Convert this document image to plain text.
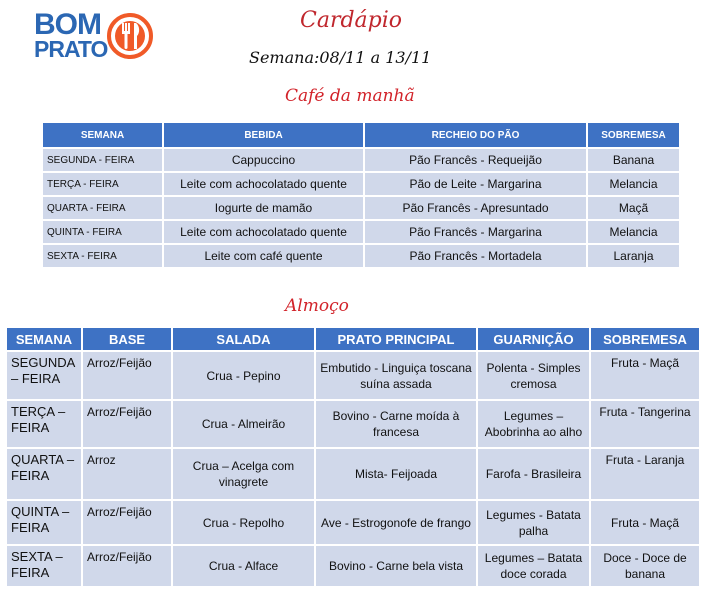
BOM
PRATO
Cardápio
Semana:08/11 a 13/11
Café da manhã
SEMANA	BEBIDA	RECHEIO DO PÃO	SOBREMESA
SEGUNDA - FEIRA	Cappuccino	Pão Francês - Requeijão	Banana
TERÇA - FEIRA	Leite com achocolatado quente	Pão de Leite - Margarina	Melancia
QUARTA - FEIRA	Iogurte de mamão	Pão Francês - Apresuntado	Maçã
QUINTA - FEIRA	Leite com achocolatado quente	Pão Francês - Margarina	Melancia
SEXTA - FEIRA	Leite com café quente	Pão Francês - Mortadela	Laranja
Almoço
SEMANA	BASE	SALADA	PRATO PRINCIPAL	GUARNIÇÃO	SOBREMESA
SEGUNDA – FEIRA	Arroz/Feijão	Crua - Pepino	Embutido - Linguiça toscana suína assada	Polenta - Simples cremosa	Fruta - Maçã
TERÇA – FEIRA	Arroz/Feijão	Crua - Almeirão	Bovino - Carne moída à francesa	Legumes – Abobrinha ao alho	Fruta - Tangerina
QUARTA – FEIRA	Arroz	Crua – Acelga com vinagrete	Mista- Feijoada	Farofa - Brasileira	Fruta - Laranja
QUINTA – FEIRA	Arroz/Feijão	Crua - Repolho	Ave - Estrogonofe de frango	Legumes - Batata palha	Fruta - Maçã
SEXTA – FEIRA	Arroz/Feijão	Crua - Alface	Bovino - Carne bela vista	Legumes – Batata doce corada	Doce - Doce de banana
